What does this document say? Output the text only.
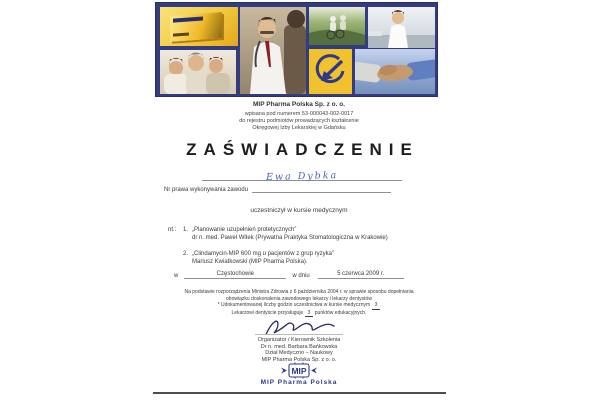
MIP Pharma Polska Sp. z o. o.
wpisana pod numerem 53-000043-002-0017
do rejestru podmiotów prowadzących kształcenie
Okręgowej Izby Lekarskiej w Gdańsku
ZAŚWIADCZENIE
Ewa Dybka
Nr prawa wykonywania zawodu
uczestniczył w kursie medycznym
nt.: 1. „Planowanie uzupełnień protetycznych”
dr n. med. Paweł Witek (Prywatna Praktyka Stomatologiczna w Krakowie)
2. „Clindamycin-MIP 600 mg u pacjentów z grup ryzyka”
Mariusz Kwiatkowski (MIP Pharma Polska).
w	Częstochowie	w dniu	5 czerwca 2009 r.
Na podstawie rozporządzenia Ministra Zdrowia z 6 października 2004 r. w sprawie sposobu dopełniania
obowiązku doskonalenia zawodowego lekarzy i lekarzy dentystów
* Udokumentowanej liczby godzin uczestnictwa w kursie medycznym 3
Lekarzowi dentyście przysługuje 3 punktów edukacyjnych.
Organizator / Kierownik Szkolenia
Dr n. med. Barbara Bańkowska
Dział Medyczno – Naukowy
MIP Pharma Polska Sp. z o. o.
MIP
MIP Pharma Polska
